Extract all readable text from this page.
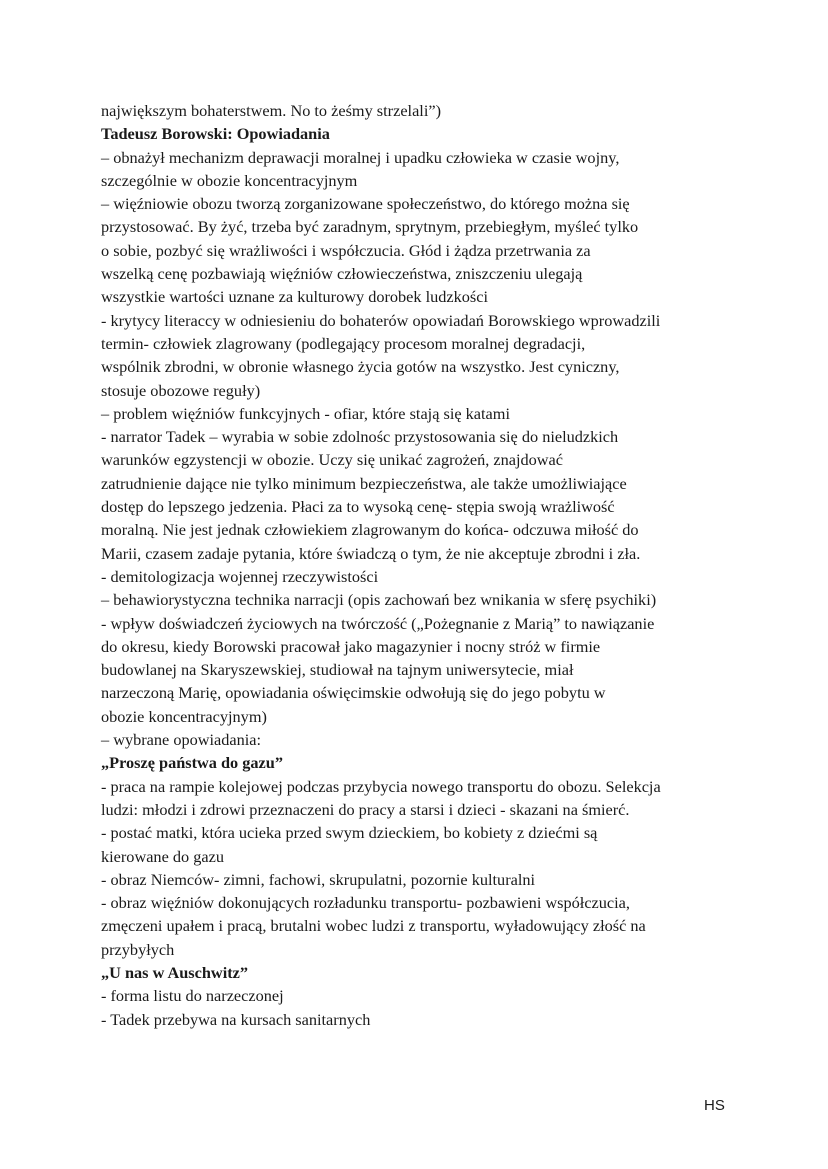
największym bohaterstwem. No to żeśmy strzelali”)
Tadeusz Borowski: Opowiadania
– obnażył mechanizm deprawacji moralnej i upadku człowieka w czasie wojny,
szczególnie w obozie koncentracyjnym
– więźniowie obozu tworzą zorganizowane społeczeństwo, do którego można się
przystosować. By żyć, trzeba być zaradnym, sprytnym, przebiegłym, myśleć tylko
o sobie, pozbyć się wrażliwości i współczucia. Głód i żądza przetrwania za
wszelką cenę pozbawiają więźniów człowieczeństwa, zniszczeniu ulegają
wszystkie wartości uznane za kulturowy dorobek ludzkości
- krytycy literaccy w odniesieniu do bohaterów opowiadań Borowskiego wprowadzili
termin- człowiek zlagrowany (podlegający procesom moralnej degradacji,
wspólnik zbrodni, w obronie własnego życia gotów na wszystko. Jest cyniczny,
stosuje obozowe reguły)
– problem więźniów funkcyjnych - ofiar, które stają się katami
- narrator Tadek – wyrabia w sobie zdolnośc przystosowania się do nieludzkich
warunków egzystencji w obozie. Uczy się unikać zagrożeń, znajdować
zatrudnienie dające nie tylko minimum bezpieczeństwa, ale także umożliwiające
dostęp do lepszego jedzenia. Płaci za to wysoką cenę- stępia swoją wrażliwość
moralną. Nie jest jednak człowiekiem zlagrowanym do końca- odczuwa miłość do
Marii, czasem zadaje pytania, które świadczą o tym, że nie akceptuje zbrodni i zła.
- demitologizacja wojennej rzeczywistości
– behawiorystyczna technika narracji (opis zachowań bez wnikania w sferę psychiki)
- wpływ doświadczeń życiowych na twórczość („Pożegnanie z Marią” to nawiązanie
do okresu, kiedy Borowski pracował jako magazynier i nocny stróż w firmie
budowlanej na Skaryszewskiej, studiował na tajnym uniwersytecie, miał
narzeczoną Marię, opowiadania oświęcimskie odwołują się do jego pobytu w
obozie koncentracyjnym)
– wybrane opowiadania:
„Proszę państwa do gazu”
- praca na rampie kolejowej podczas przybycia nowego transportu do obozu. Selekcja
ludzi: młodzi i zdrowi przeznaczeni do pracy a starsi i dzieci - skazani na śmierć.
- postać matki, która ucieka przed swym dzieckiem, bo kobiety z dziećmi są
kierowane do gazu
- obraz Niemców- zimni, fachowi, skrupulatni, pozornie kulturalni
- obraz więźniów dokonujących rozładunku transportu- pozbawieni współczucia,
zmęczeni upałem i pracą, brutalni wobec ludzi z transportu, wyładowujący złość na
przybyłych
„U nas w Auschwitz”
- forma listu do narzeczonej
- Tadek przebywa na kursach sanitarnych
HS
